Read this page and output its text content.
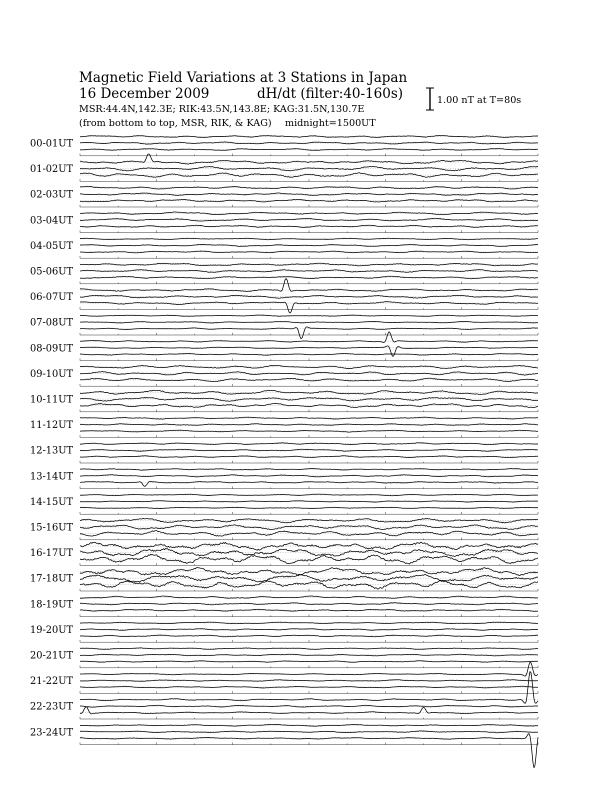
Magnetic Field Variations at 3 Stations in Japan
16 December 2009	dH/dt (filter:40-160s)
MSR:44.4N,142.3E; RIK:43.5N,143.8E; KAG:31.5N,130.7E
(from bottom to top, MSR, RIK, & KAG) midnight=1500UT
1.00 nT at T=80s
00-01UT
01-02UT
02-03UT
03-04UT
04-05UT
05-06UT
06-07UT
07-08UT
08-09UT
09-10UT
10-11UT
11-12UT
12-13UT
13-14UT
14-15UT
15-16UT
16-17UT
17-18UT
18-19UT
19-20UT
20-21UT
21-22UT
22-23UT
23-24UT
